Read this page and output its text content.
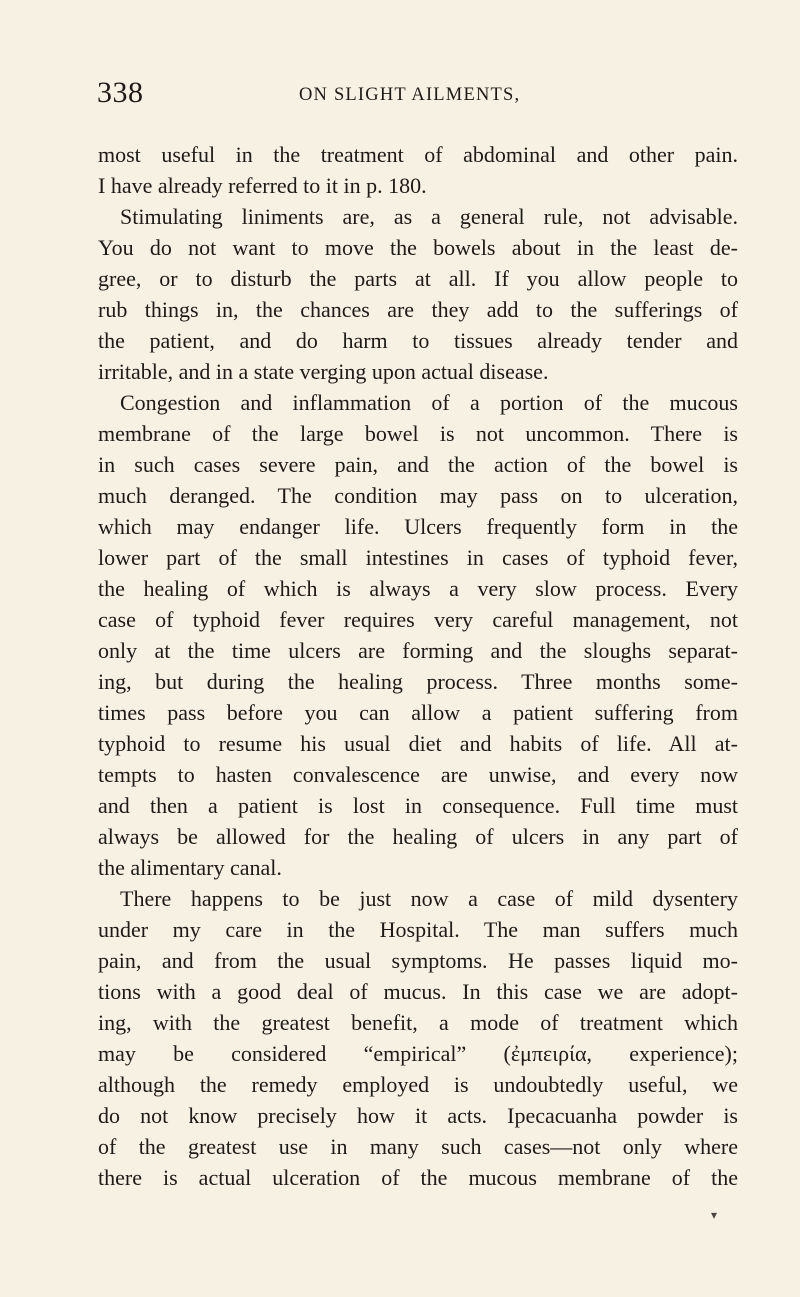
338	ON SLIGHT AILMENTS,
most useful in the treatment of abdominal and other pain.
I have already referred to it in p. 180.
Stimulating liniments are, as a general rule, not advisable.
You do not want to move the bowels about in the least de-
gree, or to disturb the parts at all. If you allow people to
rub things in, the chances are they add to the sufferings of
the patient, and do harm to tissues already tender and
irritable, and in a state verging upon actual disease.
Congestion and inflammation of a portion of the mucous
membrane of the large bowel is not uncommon. There is
in such cases severe pain, and the action of the bowel is
much deranged. The condition may pass on to ulceration,
which may endanger life. Ulcers frequently form in the
lower part of the small intestines in cases of typhoid fever,
the healing of which is always a very slow process. Every
case of typhoid fever requires very careful management, not
only at the time ulcers are forming and the sloughs separat-
ing, but during the healing process. Three months some-
times pass before you can allow a patient suffering from
typhoid to resume his usual diet and habits of life. All at-
tempts to hasten convalescence are unwise, and every now
and then a patient is lost in consequence. Full time must
always be allowed for the healing of ulcers in any part of
the alimentary canal.
There happens to be just now a case of mild dysentery
under my care in the Hospital. The man suffers much
pain, and from the usual symptoms. He passes liquid mo-
tions with a good deal of mucus. In this case we are adopt-
ing, with the greatest benefit, a mode of treatment which
may be considered “empirical” (ἐμπειρία, experience);
although the remedy employed is undoubtedly useful, we
do not know precisely how it acts. Ipecacuanha powder is
of the greatest use in many such cases—not only where
there is actual ulceration of the mucous membrane of the
▾
